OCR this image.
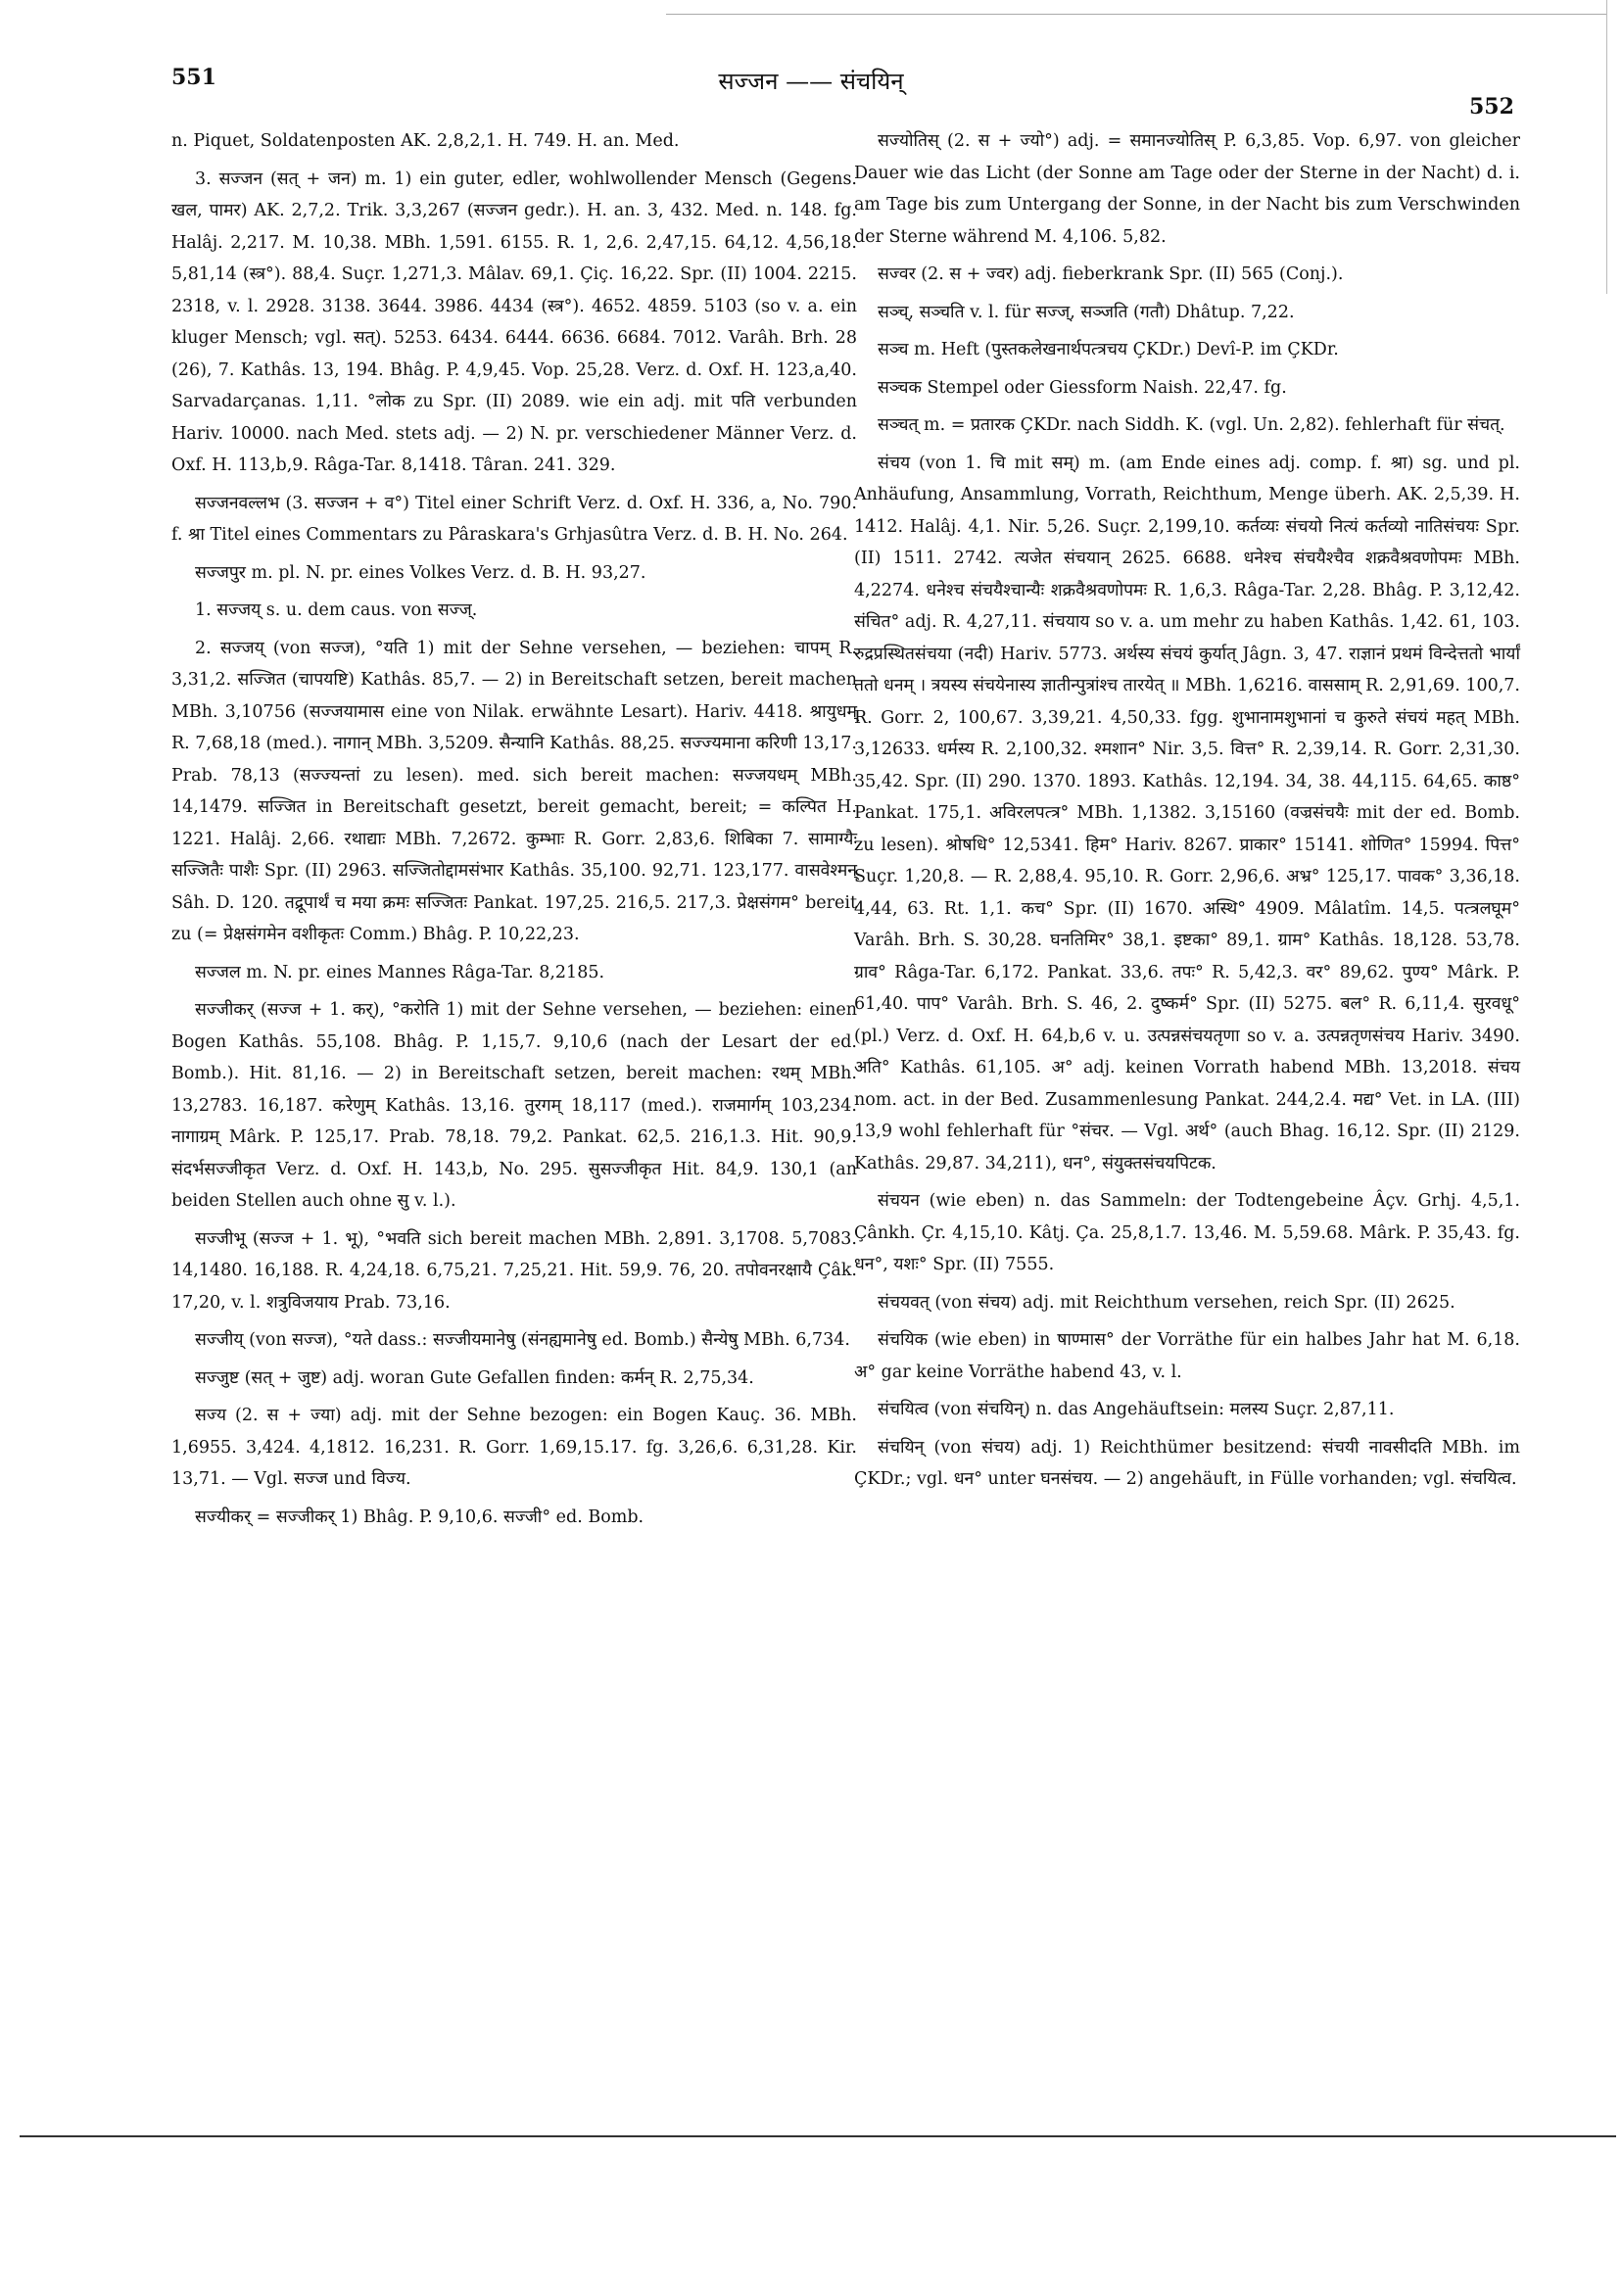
551	सज्जन —— संचयिन्
552

n. Piquet, Soldatenposten AK. 2,8,2,1. H. 749. H. an. Med.

3. सज्जन (सत् + जन) m. 1) ein guter, edler, wohlwollender Mensch (Gegens. खल, पामर) AK. 2,7,2. Trik. 3,3,267 (सज्जन gedr.). H. an. 3, 432. Med. n. 148. fg. Halâj. 2,217. M. 10,38. MBh. 1,591. 6155. R. 1, 2,6. 2,47,15. 64,12. 4,56,18. 5,81,14 (स्त्र°). 88,4. Suçr. 1,271,3. Mâlav. 69,1. Çiç. 16,22. Spr. (II) 1004. 2215. 2318, v. l. 2928. 3138. 3644. 3986. 4434 (स्त्र°). 4652. 4859. 5103 (so v. a. ein kluger Mensch; vgl. सत्). 5253. 6434. 6444. 6636. 6684. 7012. Varâh. Brh. 28 (26), 7. Kathâs. 13, 194. Bhâg. P. 4,9,45. Vop. 25,28. Verz. d. Oxf. H. 123,a,40. Sarvadarçanas. 1,11. °लोक zu Spr. (II) 2089. wie ein adj. mit पति verbunden Hariv. 10000. nach Med. stets adj. — 2) N. pr. verschiedener Männer Verz. d. Oxf. H. 113,b,9. Râga-Tar. 8,1418. Târan. 241. 329.

सज्जनवल्लभ (3. सज्जन + व°) Titel einer Schrift Verz. d. Oxf. H. 336, a, No. 790. f. श्रा Titel eines Commentars zu Pâraskara's Grhjasûtra Verz. d. B. H. No. 264.

सज्जपुर m. pl. N. pr. eines Volkes Verz. d. B. H. 93,27.

1. सज्जय् s. u. dem caus. von सज्ज्.

2. सज्जय् (von सज्ज), °यति 1) mit der Sehne versehen, — beziehen: चापम् R. 3,31,2. सज्जित (चापयष्टि) Kathâs. 85,7. — 2) in Bereitschaft setzen, bereit machen MBh. 3,10756 (सज्जयामास eine von Nilak. erwähnte Lesart). Hariv. 4418. श्रायुधम् R. 7,68,18 (med.). नागान् MBh. 3,5209. सैन्यानि Kathâs. 88,25. सज्ज्यमाना करिणी 13,17. Prab. 78,13 (सज्ज्यन्तां zu lesen). med. sich bereit machen: सज्जयधम् MBh. 14,1479. सज्जित in Bereitschaft gesetzt, bereit gemacht, bereit; = कल्पित H. 1221. Halâj. 2,66. रथाद्याः MBh. 7,2672. कुम्भाः R. Gorr. 2,83,6. शिबिका 7. सामाग्यैः सज्जितैः पाशैः Spr. (II) 2963. सज्जितोद्दामसंभार Kathâs. 35,100. 92,71. 123,177. वासवेश्मन् Sâh. D. 120. तद्रूपार्थं च मया क्रमः सज्जितः Pankat. 197,25. 216,5. 217,3. प्रेक्षसंगम° bereit zu (= प्रेक्षसंगमेन वशीकृतः Comm.) Bhâg. P. 10,22,23.

सज्जल m. N. pr. eines Mannes Râga-Tar. 8,2185.

सज्जीकर् (सज्ज + 1. कर्), °करोति 1) mit der Sehne versehen, — beziehen: einen Bogen Kathâs. 55,108. Bhâg. P. 1,15,7. 9,10,6 (nach der Lesart der ed. Bomb.). Hit. 81,16. — 2) in Bereitschaft setzen, bereit machen: रथम् MBh. 13,2783. 16,187. करेणुम् Kathâs. 13,16. तुरगम् 18,117 (med.). राजमार्गम् 103,234. नागाग्रम् Mârk. P. 125,17. Prab. 78,18. 79,2. Pankat. 62,5. 216,1.3. Hit. 90,9. संदर्भसज्जीकृत Verz. d. Oxf. H. 143,b, No. 295. सुसज्जीकृत Hit. 84,9. 130,1 (an beiden Stellen auch ohne सु v. l.).

सज्जीभू (सज्ज + 1. भू), °भवति sich bereit machen MBh. 2,891. 3,1708. 5,7083. 14,1480. 16,188. R. 4,24,18. 6,75,21. 7,25,21. Hit. 59,9. 76, 20. तपोवनरक्षायै Çâk. 17,20, v. l. शत्रुविजयाय Prab. 73,16.

सज्जीय् (von सज्ज), °यते dass.: सज्जीयमानेषु (संनह्यमानेषु ed. Bomb.) सैन्येषु MBh. 6,734.

सज्जुष्ट (सत् + जुष्ट) adj. woran Gute Gefallen finden: कर्मन् R. 2,75,34.

सज्य (2. स + ज्या) adj. mit der Sehne bezogen: ein Bogen Kauç. 36. MBh. 1,6955. 3,424. 4,1812. 16,231. R. Gorr. 1,69,15.17. fg. 3,26,6. 6,31,28. Kir. 13,71. — Vgl. सज्ज und विज्य.

सज्यीकर् = सज्जीकर् 1) Bhâg. P. 9,10,6. सज्जी° ed. Bomb.

सज्योतिस् (2. स + ज्यो°) adj. = समानज्योतिस् P. 6,3,85. Vop. 6,97. von gleicher Dauer wie das Licht (der Sonne am Tage oder der Sterne in der Nacht) d. i. am Tage bis zum Untergang der Sonne, in der Nacht bis zum Verschwinden der Sterne während M. 4,106. 5,82.

सज्वर (2. स + ज्वर) adj. fieberkrank Spr. (II) 565 (Conj.).

सञ्च्, सञ्चति v. l. für सज्ज्, सञ्जति (गतौ) Dhâtup. 7,22.

सञ्च m. Heft (पुस्तकलेखनार्थपत्त्रचय ÇKDr.) Devî-P. im ÇKDr.

सञ्चक Stempel oder Giessform Naish. 22,47. fg.

सञ्चत् m. = प्रतारक ÇKDr. nach Siddh. K. (vgl. Un. 2,82). fehlerhaft für संचत्.

संचय (von 1. चि mit सम्) m. (am Ende eines adj. comp. f. श्रा) sg. und pl. Anhäufung, Ansammlung, Vorrath, Reichthum, Menge überh. AK. 2,5,39. H. 1412. Halâj. 4,1. Nir. 5,26. Suçr. 2,199,10. कर्तव्यः संचयो नित्यं कर्तव्यो नातिसंचयः Spr. (II) 1511. 2742. त्यजेत संचयान् 2625. 6688. धनेश्च संचयैश्चैव शक्रवैश्रवणोपमः MBh. 4,2274. धनेश्च संचयैश्चान्यैः शक्रवैश्रवणोपमः R. 1,6,3. Râga-Tar. 2,28. Bhâg. P. 3,12,42. संचित° adj. R. 4,27,11. संचयाय so v. a. um mehr zu haben Kathâs. 1,42. 61, 103. रुद्रप्रस्थितसंचया (नदी) Hariv. 5773. अर्थस्य संचयं कुर्यात् Jâgn. 3, 47. राज्ञानं प्रथमं विन्देत्ततो भार्यां ततो धनम् । त्रयस्य संचयेनास्य ज्ञातीन्पुत्रांश्च तारयेत् ॥ MBh. 1,6216. वाससाम् R. 2,91,69. 100,7. R. Gorr. 2, 100,67. 3,39,21. 4,50,33. fgg. शुभानामशुभानां च कुरुते संचयं महत् MBh. 3,12633. धर्मस्य R. 2,100,32. श्मशान° Nir. 3,5. वित्त° R. 2,39,14. R. Gorr. 2,31,30. 35,42. Spr. (II) 290. 1370. 1893. Kathâs. 12,194. 34, 38. 44,115. 64,65. काष्ठ° Pankat. 175,1. अविरलपत्त्र° MBh. 1,1382. 3,15160 (वज्रसंचयैः mit der ed. Bomb. zu lesen). श्रोषधि° 12,5341. हिम° Hariv. 8267. प्राकार° 15141. शोणित° 15994. पित्त° Suçr. 1,20,8. — R. 2,88,4. 95,10. R. Gorr. 2,96,6. अभ्र° 125,17. पावक° 3,36,18. 4,44, 63. Rt. 1,1. कच° Spr. (II) 1670. अस्थि° 4909. Mâlatîm. 14,5. पत्त्रलघूम° Varâh. Brh. S. 30,28. घनतिमिर° 38,1. इष्टका° 89,1. ग्राम° Kathâs. 18,128. 53,78. ग्राव° Râga-Tar. 6,172. Pankat. 33,6. तपः° R. 5,42,3. वर° 89,62. पुण्य° Mârk. P. 61,40. पाप° Varâh. Brh. S. 46, 2. दुष्कर्म° Spr. (II) 5275. बल° R. 6,11,4. सुरवधू° (pl.) Verz. d. Oxf. H. 64,b,6 v. u. उत्पन्नसंचयतृणा so v. a. उत्पन्नतृणसंचय Hariv. 3490. अति° Kathâs. 61,105. अ° adj. keinen Vorrath habend MBh. 13,2018. संचय nom. act. in der Bed. Zusammenlesung Pankat. 244,2.4. मद्य° Vet. in LA. (III) 13,9 wohl fehlerhaft für °संचर. — Vgl. अर्थ° (auch Bhag. 16,12. Spr. (II) 2129. Kathâs. 29,87. 34,211), धन°, संयुक्तसंचयपिटक.

संचयन (wie eben) n. das Sammeln: der Todtengebeine Âçv. Grhj. 4,5,1. Çânkh. Çr. 4,15,10. Kâtj. Ça. 25,8,1.7. 13,46. M. 5,59.68. Mârk. P. 35,43. fg. धन°, यशः° Spr. (II) 7555.

संचयवत् (von संचय) adj. mit Reichthum versehen, reich Spr. (II) 2625.

संचयिक (wie eben) in षाण्मास° der Vorräthe für ein halbes Jahr hat M. 6,18. अ° gar keine Vorräthe habend 43, v. l.

संचयित्व (von संचयिन्) n. das Angehäuftsein: मलस्य Suçr. 2,87,11.

संचयिन् (von संचय) adj. 1) Reichthümer besitzend: संचयी नावसीदति MBh. im ÇKDr.; vgl. धन° unter घनसंचय. — 2) angehäuft, in Fülle vorhanden; vgl. संचयित्व.
